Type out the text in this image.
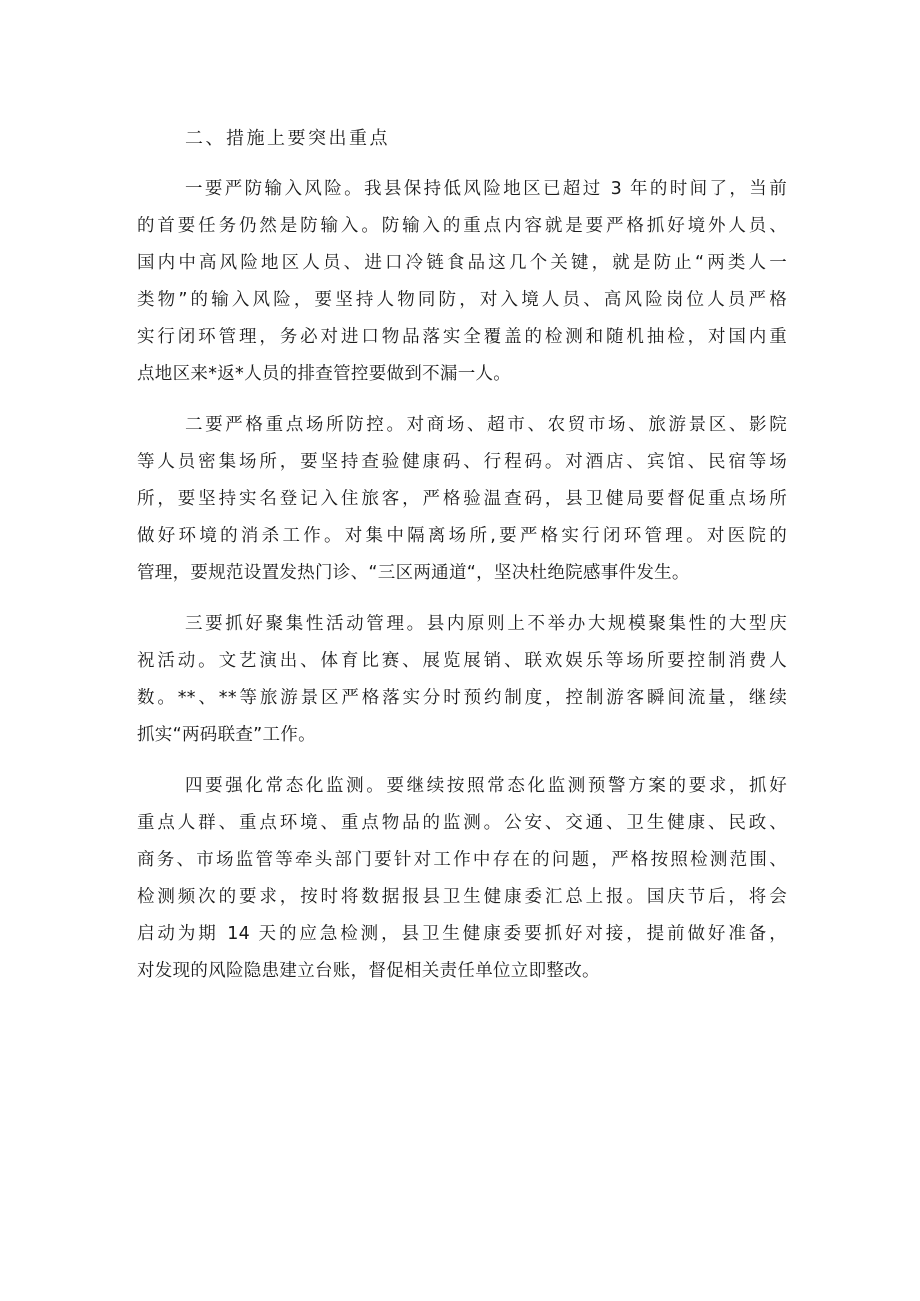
二、措施上要突出重点
一要严防输入风险。我县保持低风险地区已超过 3 年的时间了，当前
的首要任务仍然是防输入。防输入的重点内容就是要严格抓好境外人员、
国内中高风险地区人员、进口冷链食品这几个关键，就是防止“两类人一
类物”的输入风险，要坚持人物同防，对入境人员、高风险岗位人员严格
实行闭环管理，务必对进口物品落实全覆盖的检测和随机抽检，对国内重
点地区来*返*人员的排查管控要做到不漏一人。
二要严格重点场所防控。对商场、超市、农贸市场、旅游景区、影院
等人员密集场所，要坚持查验健康码、行程码。对酒店、宾馆、民宿等场
所，要坚持实名登记入住旅客，严格验温查码，县卫健局要督促重点场所
做好环境的消杀工作。对集中隔离场所,要严格实行闭环管理。对医院的
管理，要规范设置发热门诊、“三区两通道“，坚决杜绝院感事件发生。
三要抓好聚集性活动管理。县内原则上不举办大规模聚集性的大型庆
祝活动。文艺演出、体育比赛、展览展销、联欢娱乐等场所要控制消费人
数。**、**等旅游景区严格落实分时预约制度，控制游客瞬间流量，继续
抓实“两码联查”工作。
四要强化常态化监测。要继续按照常态化监测预警方案的要求，抓好
重点人群、重点环境、重点物品的监测。公安、交通、卫生健康、民政、
商务、市场监管等牵头部门要针对工作中存在的问题，严格按照检测范围、
检测频次的要求，按时将数据报县卫生健康委汇总上报。国庆节后，将会
启动为期 14 天的应急检测，县卫生健康委要抓好对接，提前做好准备，
对发现的风险隐患建立台账，督促相关责任单位立即整改。
